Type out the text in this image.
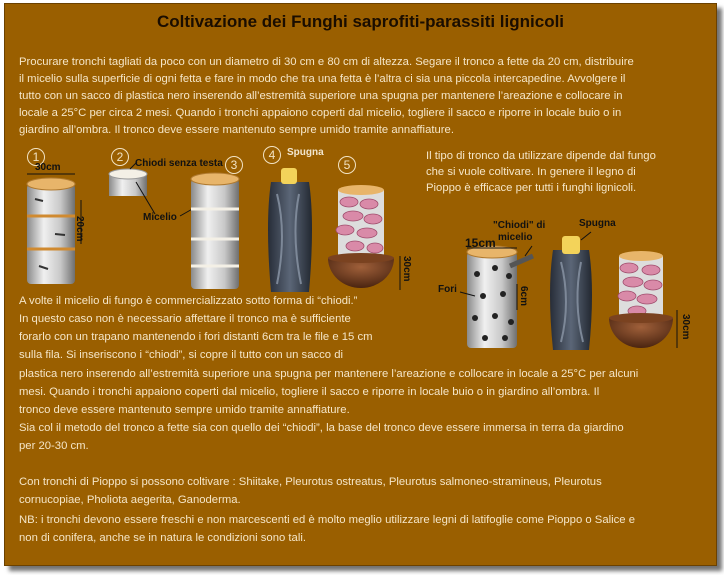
Coltivazione dei Funghi saprofiti-parassiti lignicoli
Procurare tronchi tagliati da poco con un diametro di 30 cm e 80 cm di altezza. Segare il tronco a fette da 20 cm, distribuire
il micelio sulla superficie di ogni fetta e fare in modo che tra una fetta è l’altra ci sia una piccola intercapedine. Avvolgere il
tutto con un sacco di plastica nero inserendo all’estremità superiore una spugna per mantenere l’areazione e collocare in
locale a 25°C per circa 2 mesi. Quando i tronchi appaiono coperti dal micelio, togliere il sacco e riporre in locale buio o in
giardino all’ombra. Il tronco deve essere mantenuto sempre umido tramite annaffiature.
Il tipo di tronco da utilizzare dipende dal fungo
che si vuole coltivare. In genere il legno di
Pioppo è efficace per tutti i funghi lignicoli.
1	2
3
4
5
30cm
20cm
Chiodi senza testa
Micelio
Spugna
30cm
"Chiodi" di
micelio
Spugna
15cm
Fori	6cm
30cm
A volte il micelio di fungo è commercializzato sotto forma di “chiodi.”
In questo caso non è necessario affettare il tronco ma è sufficiente
forarlo con un trapano mantenendo i fori distanti 6cm tra le file e 15 cm
sulla fila. Si inseriscono i “chiodi”, si copre il tutto con un sacco di
plastica nero inserendo all’estremità superiore una spugna per mantenere l’areazione e collocare in locale a 25°C per alcuni
mesi. Quando i tronchi appaiono coperti dal micelio, togliere il sacco e riporre in locale buio o in giardino all’ombra. Il
tronco deve essere mantenuto sempre umido tramite annaffiature.
Sia col il metodo del tronco a fette sia con quello dei “chiodi”, la base del tronco deve essere immersa in terra da giardino
per 20-30 cm.
Con tronchi di Pioppo si possono coltivare : Shiitake, Pleurotus ostreatus, Pleurotus salmoneo-stramineus, Pleurotus
cornucopiae, Pholiota aegerita, Ganoderma.
NB: i tronchi devono essere freschi e non marcescenti ed è molto meglio utilizzare legni di latifoglie come Pioppo o Salice e
non di conifera, anche se in natura le condizioni sono tali.
